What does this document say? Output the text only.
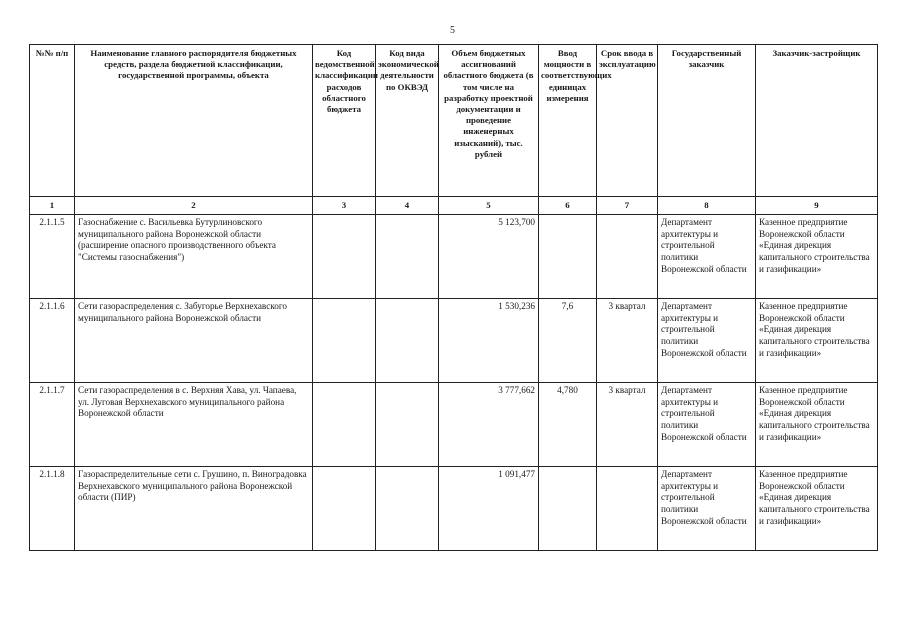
5
№№ п/п	Наименование главного распорядителя бюджетных средств, раздела бюджетной классификации, государственной программы, объекта	Код ведомственной классификации расходов областного бюджета	Код вида экономической деятельности по ОКВЭД	Объем бюджетных ассигнований областного бюджета (в том числе на разработку проектной документации и проведение инженерных изысканий), тыс. рублей	Ввод мощности в соответствующих единицах измерения	Срок ввода в эксплуатацию	Государственный заказчик	Заказчик-застройщик
1	2	3	4	5	6	7	8	9
2.1.1.5	Газоснабжение с. Васильевка Бутурлиновского муниципального района Воронежской области (расширение опасного производственного объекта "Системы газоснабжения")			5 123,700			Департамент архитектуры и строительной политики Воронежской области	Казенное предприятие Воронежской области «Единая дирекция капитального строительства и газификации»
2.1.1.6	Сети газораспределения с. Забугорье Верхнехавского муниципального района Воронежской области			1 530,236	7,6	3 квартал	Департамент архитектуры и строительной политики Воронежской области	Казенное предприятие Воронежской области «Единая дирекция капитального строительства и газификации»
2.1.1.7	Сети газораспределения в с. Верхняя Хава, ул. Чапаева, ул. Луговая Верхнехавского муниципального района Воронежской области			3 777,662	4,780	3 квартал	Департамент архитектуры и строительной политики Воронежской области	Казенное предприятие Воронежской области «Единая дирекция капитального строительства и газификации»
2.1.1.8	Газораспределительные сети с. Грушино, п. Виноградовка Верхнехавского муниципального района Воронежской области (ПИР)			1 091,477			Департамент архитектуры и строительной политики Воронежской области	Казенное предприятие Воронежской области «Единая дирекция капитального строительства и газификации»
